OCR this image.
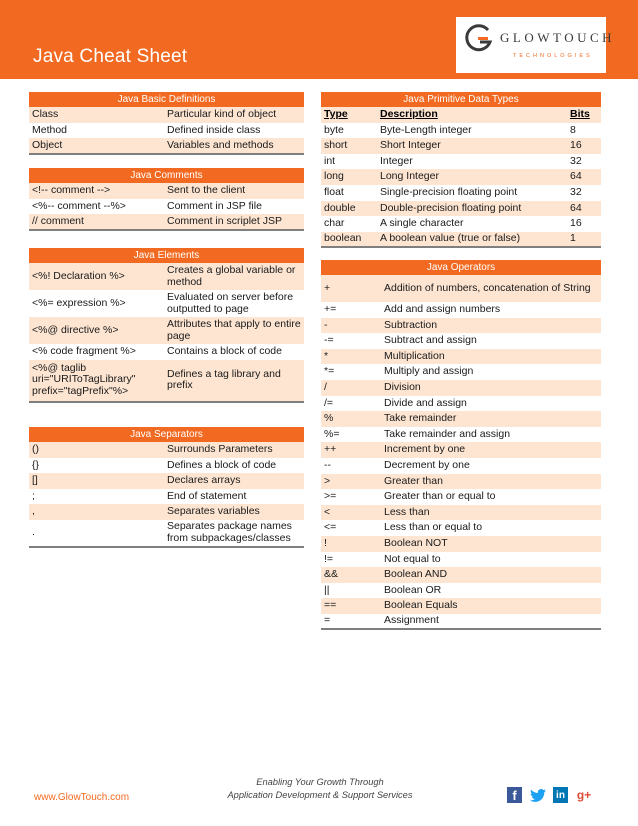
Java Cheat Sheet
GLOWTOUCH
TECHNOLOGIES
Java Basic Definitions	
Class	Particular kind of object
Method	Defined inside class
Object	Variables and methods
Java Comments	
<!-- comment -->	Sent to the client
<%-- comment --%>	Comment in JSP file
// comment	Comment in scriplet JSP
Java Elements	
<%! Declaration %>	Creates a global variable or method
<%= expression %>	Evaluated on server before outputted to page
<%@ directive %>	Attributes that apply to entire page
<% code fragment %>	Contains a block of code
<%@ taglib uri="URIToTagLibrary" prefix="tagPrefix"%>	Defines a tag library and prefix
Java Separators	
()	Surrounds Parameters
{}	Defines a block of code
[]	Declares arrays
;	End of statement
,	Separates variables
.	Separates package names from subpackages/classes
Java Primitive Data Types		
Type	Description	Bits
byte	Byte-Length integer	8
short	Short Integer	16
int	Integer	32
long	Long Integer	64
float	Single-precision floating point	32
double	Double-precision floating point	64
char	A single character	16
boolean	A boolean value (true or false)	1
Java Operators	
+	Addition of numbers, concatenation of String
+=	Add and assign numbers
-	Subtraction
-=	Subtract and assign
*	Multiplication
*=	Multiply and assign
/	Division
/=	Divide and assign
%	Take remainder
%=	Take remainder and assign
++	Increment by one
--	Decrement by one
>	Greater than
>=	Greater than or equal to
<	Less than
<=	Less than or equal to
!	Boolean NOT
!=	Not equal to
&&	Boolean AND
||	Boolean OR
==	Boolean Equals
=	Assignment
www.GlowTouch.com
Enabling Your Growth Through
Application Development & Support Services	f	in g+
